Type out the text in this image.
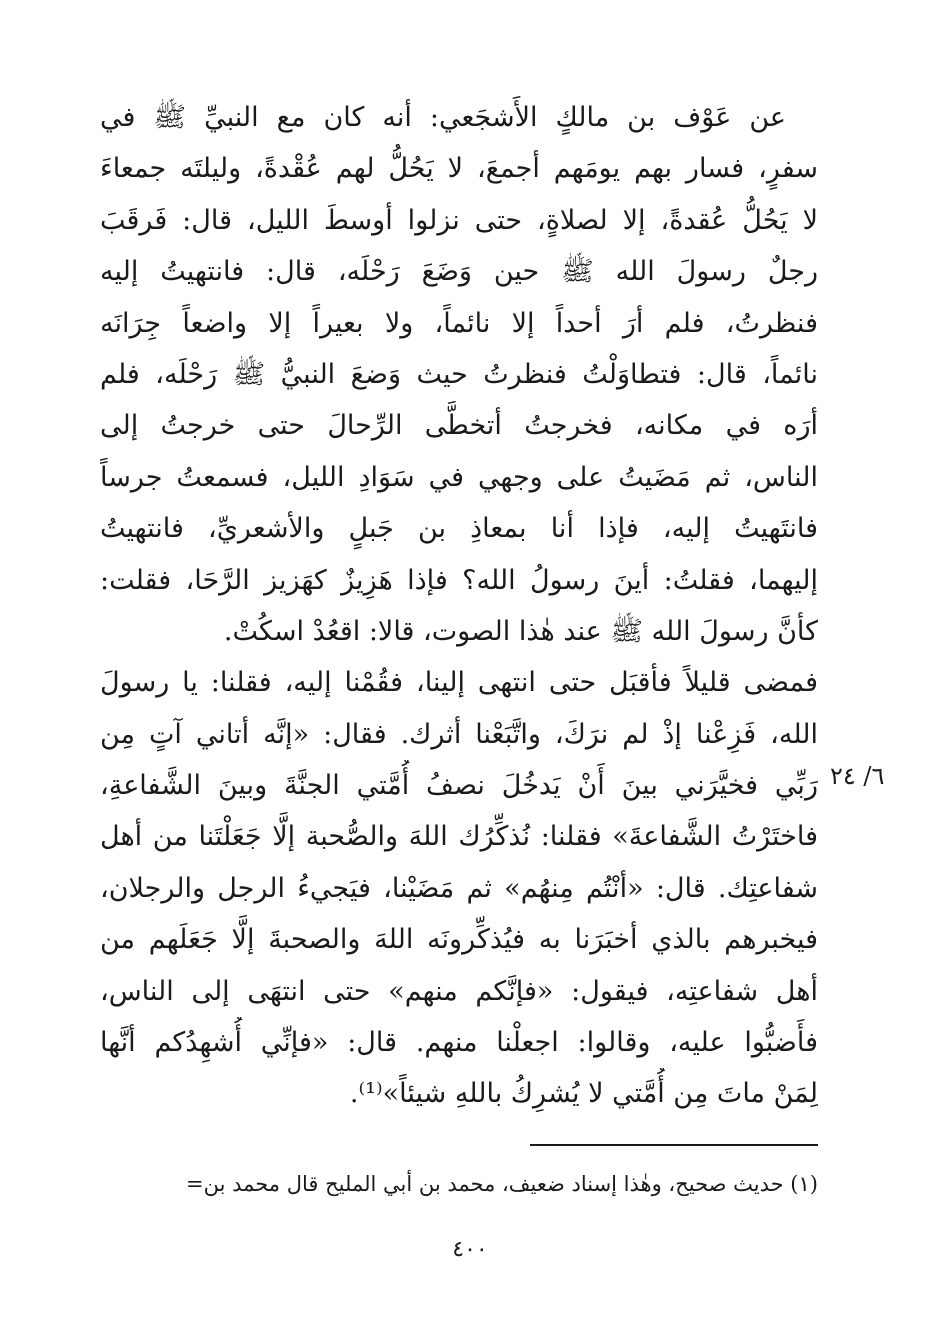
عن عَوْف بن مالكٍ الأَشجَعي: أنه كان مع النبيِّ ﷺ في
سفرٍ، فسار بهم يومَهم أجمعَ، لا يَحُلُّ لهم عُقْدةً، وليلتَه جمعاءَ
لا يَحُلُّ عُقدةً، إلا لصلاةٍ، حتى نزلوا أوسطَ الليل، قال: فَرقَبَ
رجلٌ رسولَ الله ﷺ حين وَضَعَ رَحْلَه، قال: فانتهيتُ إليه
فنظرتُ، فلم أرَ أحداً إلا نائماً، ولا بعيراً إلا واضعاً جِرَانَه
نائماً، قال: فتطاوَلْتُ فنظرتُ حيث وَضعَ النبيُّ ﷺ رَحْلَه، فلم
أرَه في مكانه، فخرجتُ أتخطَّى الرِّحالَ حتى خرجتُ إلى
الناس، ثم مَضَيتُ على وجهي في سَوَادِ الليل، فسمعتُ جرساً
فانتَهيتُ إليه، فإذا أنا بمعاذِ بن جَبلٍ والأشعريِّ، فانتهيتُ
إليهما، فقلتُ: أينَ رسولُ الله؟ فإذا هَزِيزٌ كهَزيز الرَّحَا، فقلت:
كأنَّ رسولَ الله ﷺ عند هٰذا الصوت، قالا: اقعُدْ اسكُتْ.
فمضى قليلاً فأقبَل حتى انتهى إلينا، فقُمْنا إليه، فقلنا: يا رسولَ
الله، فَزِعْنا إذْ لم نرَكَ، واتَّبَعْنا أثرك. فقال: «إنَّه أتاني آتٍ مِن
رَبِّي فخيَّرَني بينَ أَنْ يَدخُلَ نصفُ أُمَّتي الجنَّةَ وبينَ الشَّفاعةِ،
فاختَرْتُ الشَّفاعةَ» فقلنا: نُذكِّرُك اللهَ والصُّحبة إلَّا جَعَلْتَنا من أهل
شفاعتِك. قال: «أنْتُم مِنهُم» ثم مَضَيْنا، فيَجيءُ الرجل والرجلان،
فيخبرهم بالذي أخبَرَنا به فيُذكِّرونَه اللهَ والصحبةَ إلَّا جَعَلَهم من
أهل شفاعتِه، فيقول: «فإنَّكم منهم» حتى انتهَى إلى الناس،
فأَضبُّوا عليه، وقالوا: اجعلْنا منهم. قال: «فإنِّي أُشهِدُكم أنَّها
لِمَنْ ماتَ مِن أُمَّتي لا يُشرِكُ باللهِ شيئاً»⁽¹⁾.
٦/ ٢٤
(١) حديث صحيح، وهٰذا إسناد ضعيف، محمد بن أبي المليح قال محمد بن=
٤٠٠
